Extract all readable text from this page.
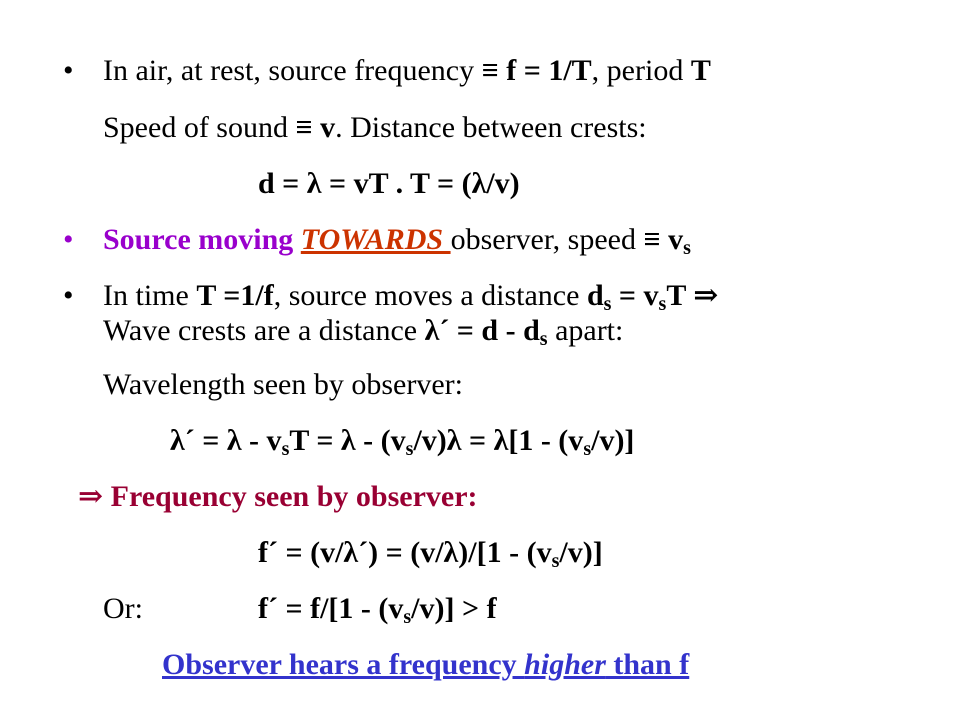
• In air, at rest, source frequency ≡ f = 1/T, period T
Speed of sound ≡ v. Distance between crests:
d = λ = vT . T = (λ/v)
• Source moving TOWARDS observer, speed ≡ $v_s$
• In time T =1/f, source moves a distance $d_s = v_sT$ ⇒
Wave crests are a distance λ´ = d - $d_s$ apart:
Wavelength seen by observer:
λ´ = $\lambda - v_sT = \lambda - (v_s/v)\lambda = \lambda[1 - (v_s/v)]$
⇒ Frequency seen by observer:
f´ = (v/λ´) = $(v/\lambda)/[1 - (v_s/v)]$
Or:	f´ = $f/[1 - (v_s/v)] > f$
Observer hears a frequency higher than f
